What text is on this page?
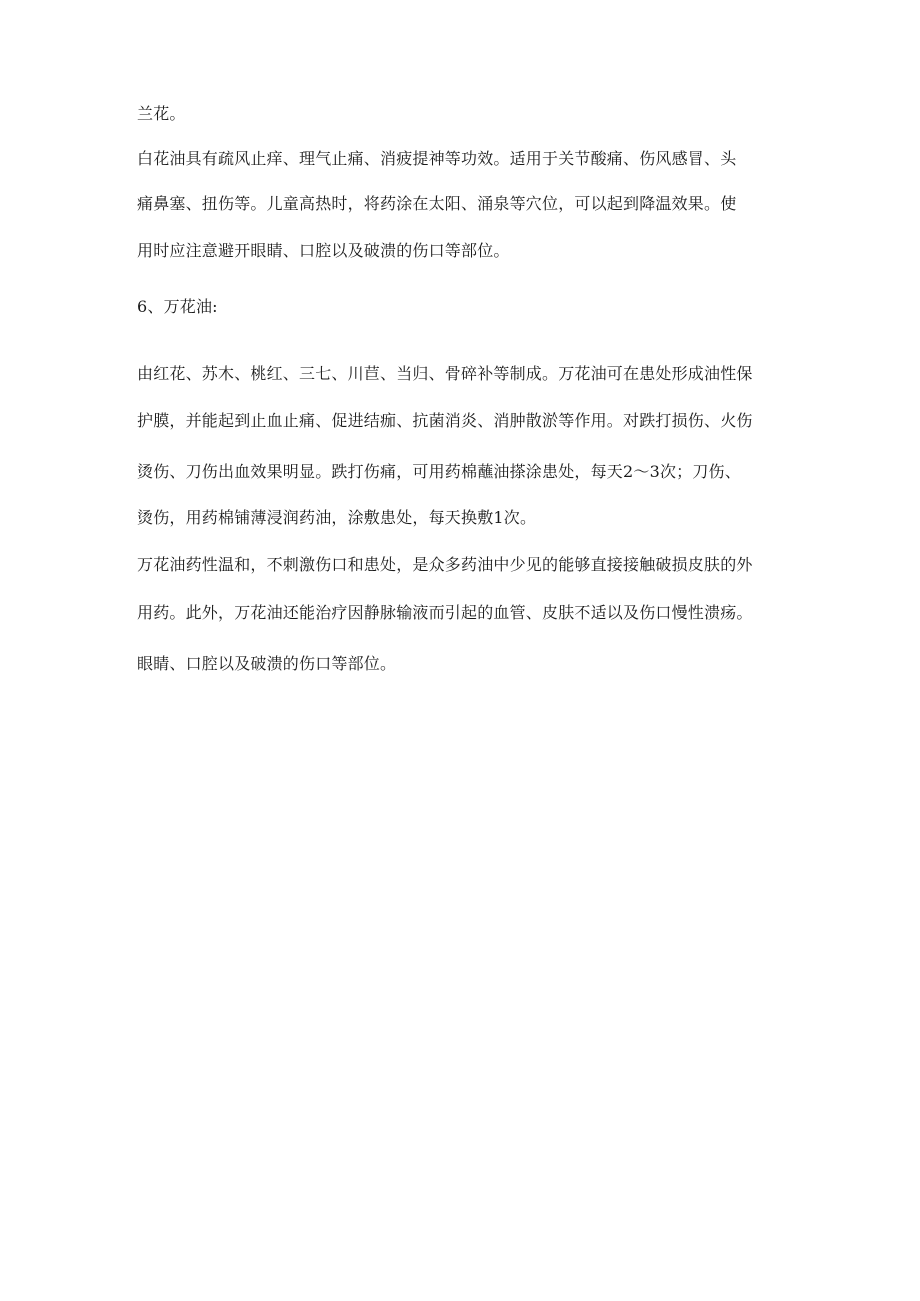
兰花。
白花油具有疏风止痒、理气止痛、消疲提神等功效。适用于关节酸痛、伤风感冒、头
痛鼻塞、扭伤等。儿童高热时，将药涂在太阳、涌泉等穴位，可以起到降温效果。使
用时应注意避开眼睛、口腔以及破溃的伤口等部位。
6、万花油:
由红花、苏木、桃红、三七、川苣、当归、骨碎补等制成。万花油可在患处形成油性保
护膜，并能起到止血止痛、促进结痂、抗菌消炎、消肿散淤等作用。对跌打损伤、火伤
烫伤、刀伤出血效果明显。跌打伤痛，可用药棉蘸油搽涂患处，每天2～3次；刀伤、
烫伤，用药棉铺薄浸润药油，涂敷患处，每天换敷1次。
万花油药性温和，不刺激伤口和患处，是众多药油中少见的能够直接接触破损皮肤的外
用药。此外，万花油还能治疗因静脉输液而引起的血管、皮肤不适以及伤口慢性溃疡。
眼睛、口腔以及破溃的伤口等部位。
